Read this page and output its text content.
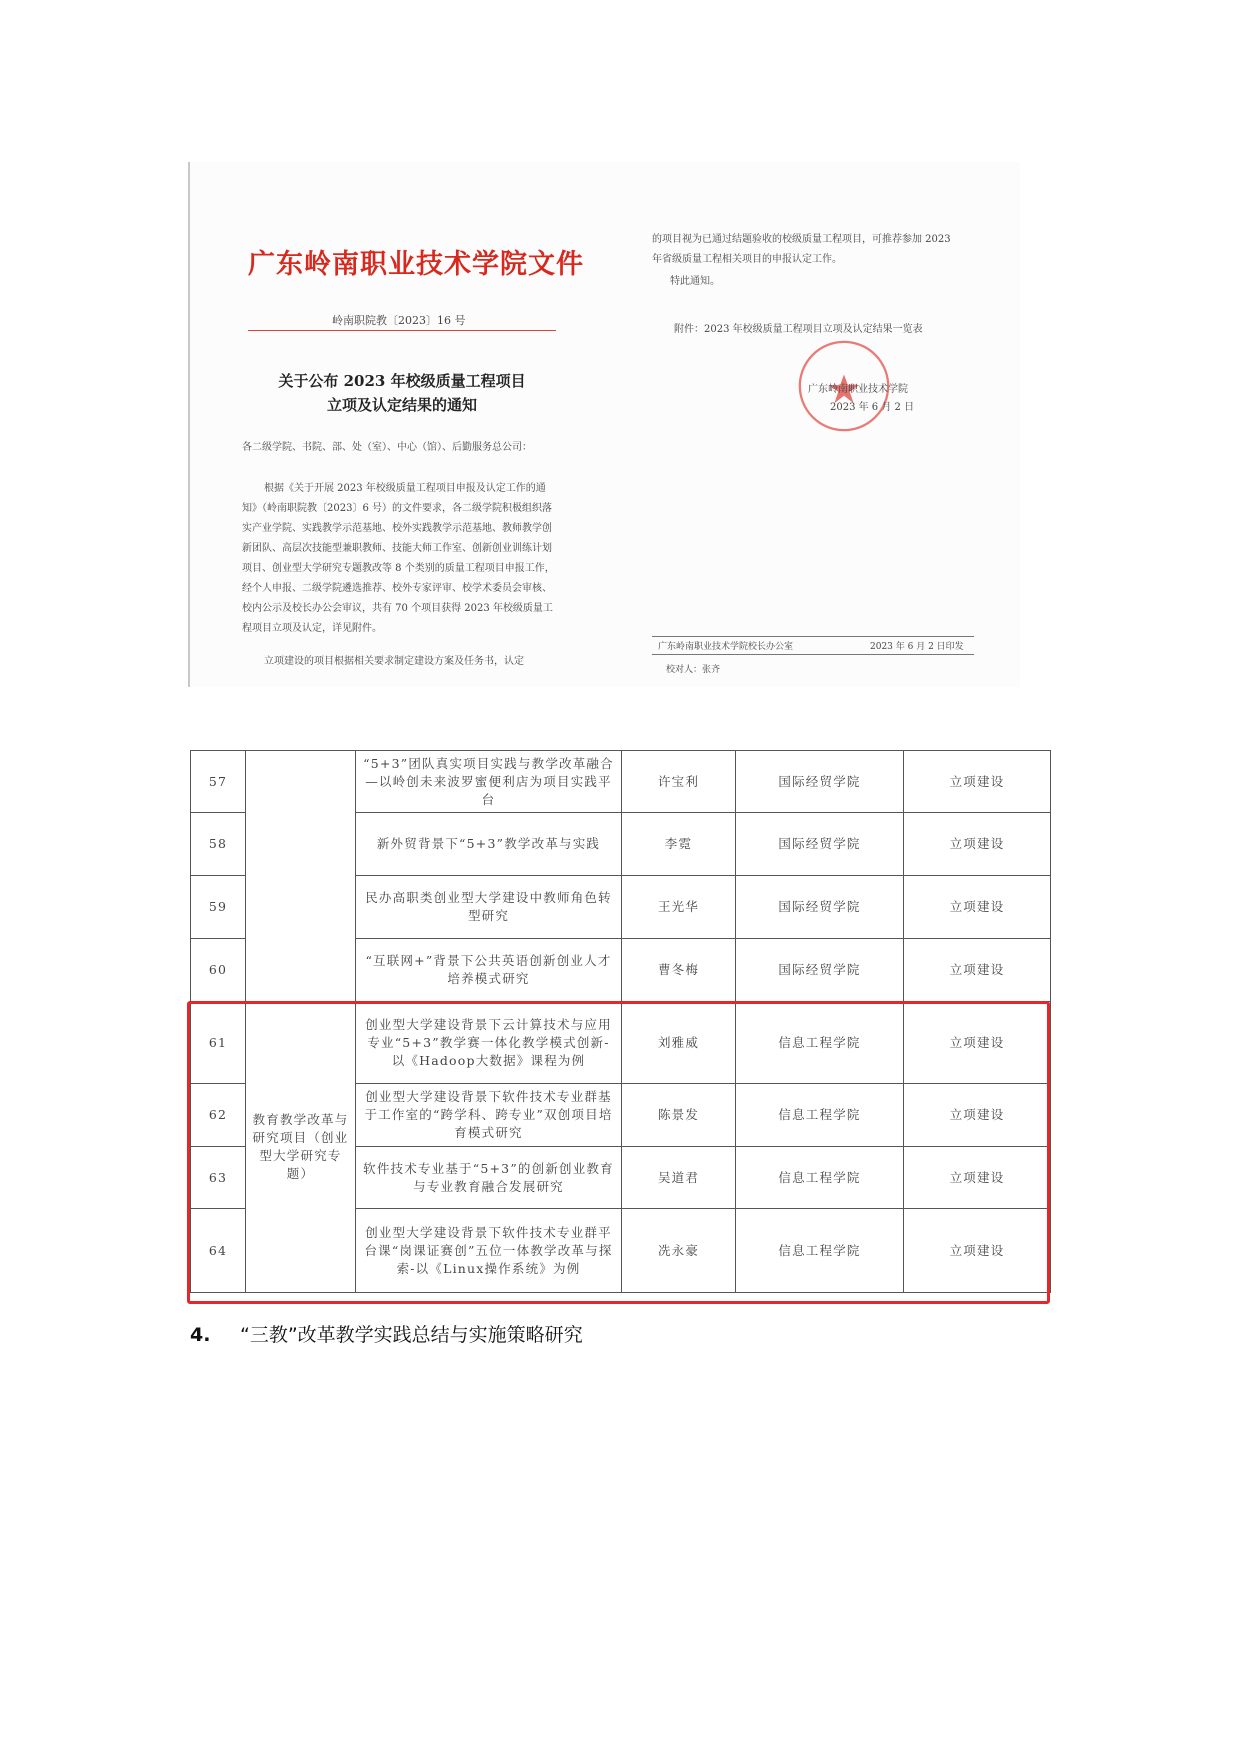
广东岭南职业技术学院文件
岭南职院教〔2023〕16 号
关于公布 2023 年校级质量工程项目
立项及认定结果的通知
各二级学院、书院、部、处（室）、中心（馆）、后勤服务总公司：
根据《关于开展 2023 年校级质量工程项目申报及认定工作的通知》（岭南职院教〔2023〕6 号）的文件要求，各二级学院积极组织落实产业学院、实践教学示范基地、校外实践教学示范基地、教师教学创新团队、高层次技能型兼职教师、技能大师工作室、创新创业训练计划项目、创业型大学研究专题教改等 8 个类别的质量工程项目申报工作，经个人申报、二级学院遴选推荐、校外专家评审、校学术委员会审核、校内公示及校长办公会审议，共有 70 个项目获得 2023 年校级质量工程项目立项及认定，详见附件。
立项建设的项目根据相关要求制定建设方案及任务书，认定
的项目视为已通过结题验收的校级质量工程项目，可推荐参加 2023 年省级质量工程相关项目的申报认定工作。
特此通知。
附件：2023 年校级质量工程项目立项及认定结果一览表
广东岭南职业技术学院
2023 年 6 月 2 日
广东岭南职业技术学院校长办公室	2023 年 6 月 2 日印发
校对人：张齐
57		“5+3”团队真实项目实践与教学改革融合—以岭创未来波罗蜜便利店为项目实践平台	许宝利	国际经贸学院	立项建设
58		新外贸背景下“5+3”教学改革与实践	李霓	国际经贸学院	立项建设
59		民办高职类创业型大学建设中教师角色转型研究	王光华	国际经贸学院	立项建设
60		“互联网+”背景下公共英语创新创业人才培养模式研究	曹冬梅	国际经贸学院	立项建设
61	教育教学改革与研究项目（创业型大学研究专题）	创业型大学建设背景下云计算技术与应用专业“5+3”教学赛一体化教学模式创新-以《Hadoop大数据》课程为例	刘雅威	信息工程学院	立项建设
62		创业型大学建设背景下软件技术专业群基于工作室的“跨学科、跨专业”双创项目培育模式研究	陈景发	信息工程学院	立项建设
63		软件技术专业基于“5+3”的创新创业教育与专业教育融合发展研究	吴道君	信息工程学院	立项建设
64		创业型大学建设背景下软件技术专业群平台课“岗课证赛创”五位一体教学改革与探索-以《Linux操作系统》为例	冼永豪	信息工程学院	立项建设
4. “三教”改革教学实践总结与实施策略研究
